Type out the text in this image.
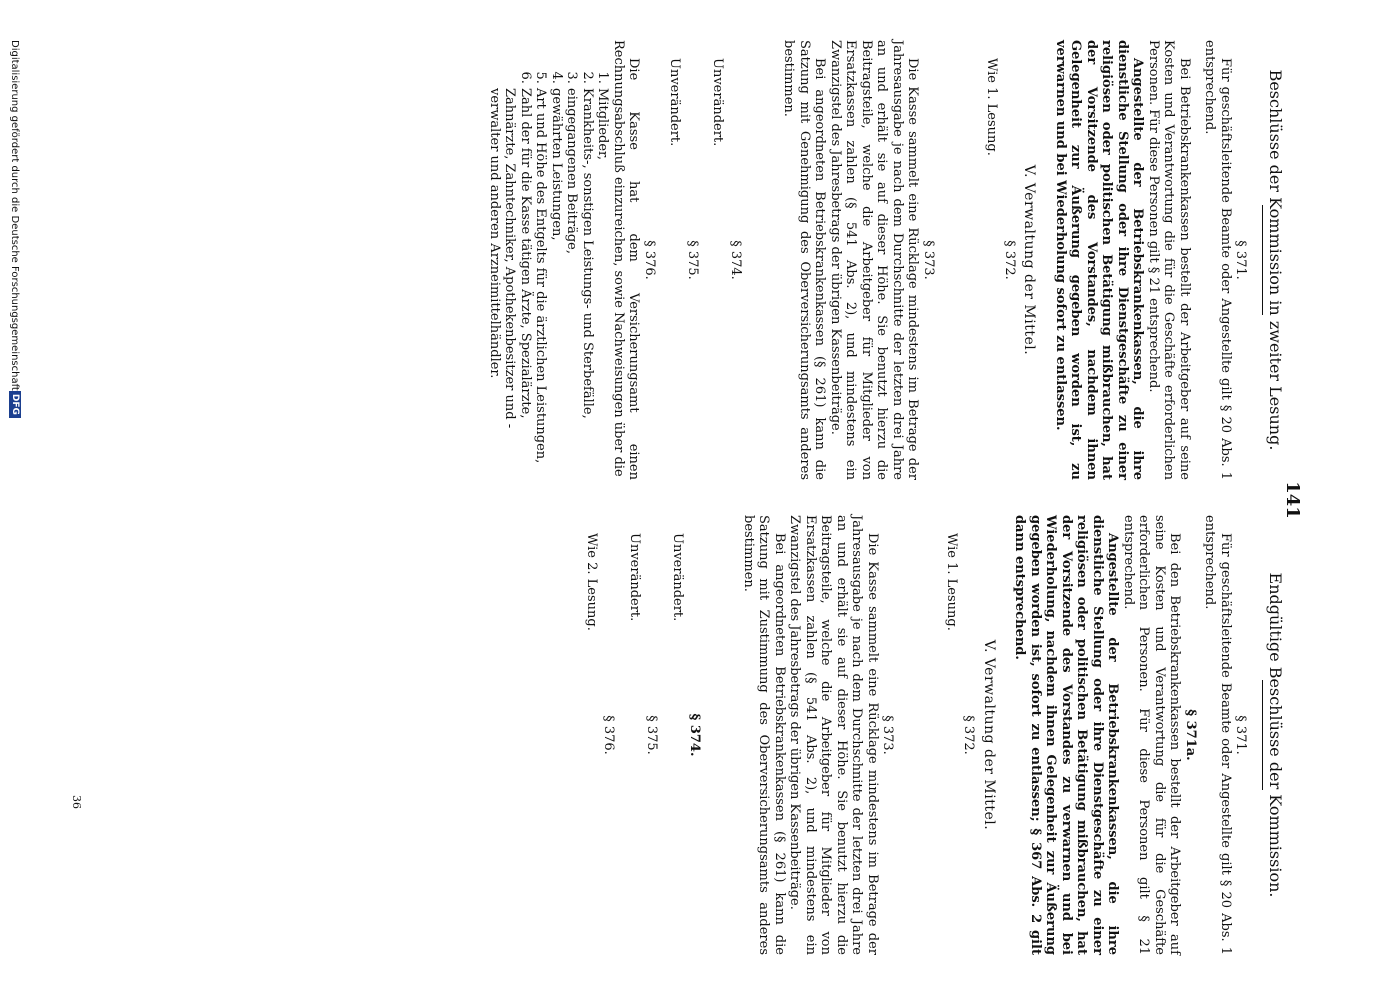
141
Beschlüsse der Kommission in zweiter Lesung.
§ 371.

Für geschäftsleitende Beamte oder Angestellte gilt § 20 Abs. 1 entsprechend.

Bei Betriebskrankenkassen bestellt der Arbeitgeber auf seine Kosten und Verantwortung die für die Geschäfte erforderlichen Personen. Für diese Personen gilt § 21 entsprechend.

Angestellte der Betriebskrankenkassen, die ihre dienstliche Stellung oder ihre Dienstgeschäfte zu einer religiösen oder politischen Betätigung mißbrauchen, hat der Vorsitzende des Vorstandes, nachdem ihnen Gelegenheit zur Äußerung gegeben worden ist, zu verwarnen und bei Wiederholung sofort zu entlassen.

V. Verwaltung der Mittel.
§ 372.
Wie 1. Lesung.
§ 373.

Die Kasse sammelt eine Rücklage mindestens im Betrage der Jahresausgabe je nach dem Durchschnitte der letzten drei Jahre an und erhält sie auf dieser Höhe. Sie benutzt hierzu die Beitragsteile, welche die Arbeitgeber für Mitglieder von Ersatzkassen zahlen (§ 541 Abs. 2), und mindestens ein Zwanzigstel des Jahresbetrags der übrigen Kassenbeiträge.

Bei angeordneten Betriebskrankenkassen (§ 261) kann die Satzung mit Genehmigung des Oberversicherungsamts anderes bestimmen.

§ 374.
Unverändert.
§ 375.
Unverändert.
§ 376.

Die Kasse hat dem Versicherungsamt einen Rechnungsabschluß einzureichen, sowie Nachweisungen über die

1. Mitglieder,
2. Krankheits-, sonstigen Leistungs- und Sterbefälle,
3. eingegangenen Beiträge,
4. gewährten Leistungen,
5. Art und Höhe des Entgelts für die ärztlichen Leistungen,
6. Zahl der für die Kasse tätigen Ärzte, Spezialärzte, Zahnärzte, Zahntechniker, Apothekenbesitzer und -verwalter und anderen Arzneimittelhändler.
Endgültige Beschlüsse der Kommission.
§ 371.

Für geschäftsleitende Beamte oder Angestellte gilt § 20 Abs. 1 entsprechend.

§ 371a.

Bei den Betriebskrankenkassen bestellt der Arbeitgeber auf seine Kosten und Verantwortung die für die Geschäfte erforderlichen Personen. Für diese Personen gilt § 21 entsprechend.

Angestellte der Betriebskrankenkassen, die ihre dienstliche Stellung oder ihre Dienstgeschäfte zu einer religiösen oder politischen Betätigung mißbrauchen, hat der Vorsitzende des Vorstandes zu verwarnen und bei Wiederholung, nachdem ihnen Gelegenheit zur Äußerung gegeben worden ist, sofort zu entlassen; § 367 Abs. 2 gilt dann entsprechend.

V. Verwaltung der Mittel.
§ 372.
Wie 1. Lesung.
§ 373.

Die Kasse sammelt eine Rücklage mindestens im Betrage der Jahresausgabe je nach dem Durchschnitte der letzten drei Jahre an und erhält sie auf dieser Höhe. Sie benutzt hierzu die Beitragsteile, welche die Arbeitgeber für Mitglieder von Ersatzkassen zahlen (§ 541 Abs. 2), und mindestens ein Zwanzigstel des Jahresbetrags der übrigen Kassenbeiträge.

Bei angeordneten Betriebskrankenkassen (§ 261) kann die Satzung mit Zustimmung des Oberversicherungsamts anderes bestimmen.

§ 374.
Unverändert.
§ 375.
Unverändert.
§ 376.
Wie 2. Lesung.
36
Digitalisierung gefördert durch die Deutsche Forschungsgemeinschaft
DFG
